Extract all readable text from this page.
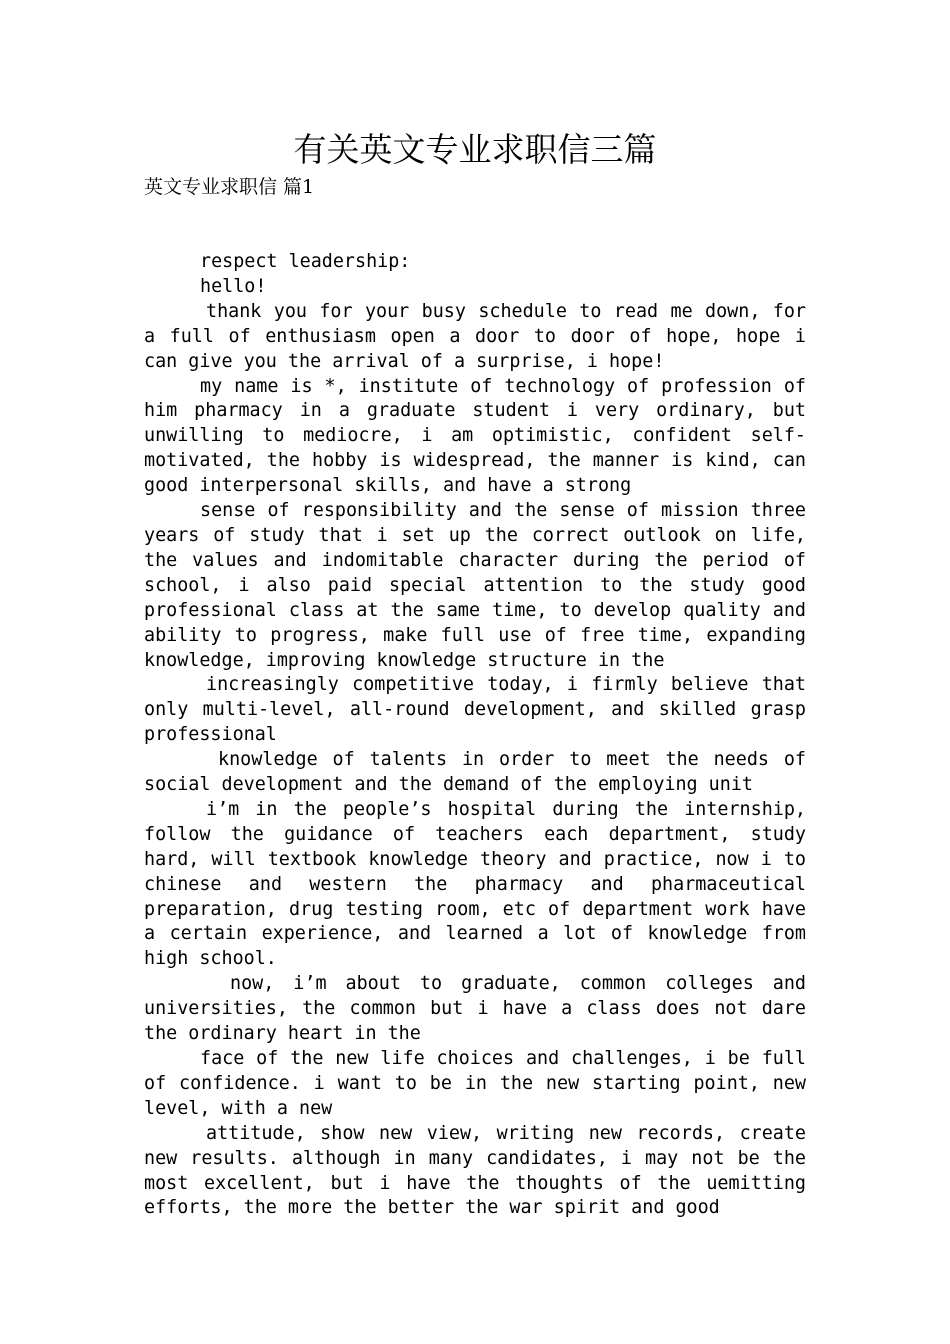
有关英文专业求职信三篇
英文专业求职信 篇1

respect leadership:

hello!

thank you for your busy schedule to read me down, for a full of enthusiasm open a door to door of hope, hope i can give you the arrival of a surprise, i hope!

my name is *, institute of technology of profession of him pharmacy in a graduate student i very ordinary, but unwilling to mediocre, i am optimistic, confident self-motivated, the hobby is widespread, the manner is kind, can good interpersonal skills, and have a strong

sense of responsibility and the sense of mission three years of study that i set up the correct outlook on life, the values and indomitable character during the period of school, i also paid special attention to the study good professional class at the same time, to develop quality and ability to progress, make full use of free time, expanding knowledge, improving knowledge structure in the

increasingly competitive today, i firmly believe that only multi-level, all-round development, and skilled grasp professional

knowledge of talents in order to meet the needs of social development and the demand of the employing unit

i’m in the people’s hospital during the internship, follow the guidance of teachers each department, study hard, will textbook knowledge theory and practice, now i to chinese and western the pharmacy and pharmaceutical preparation, drug testing room, etc of department work have a certain experience, and learned a lot of knowledge from high school.

now, i’m about to graduate, common colleges and universities, the common but i have a class does not dare the ordinary heart in the

face of the new life choices and challenges, i be full of confidence. i want to be in the new starting point, new level, with a new

attitude, show new view, writing new records, create new results. although in many candidates, i may not be the most excellent, but i have the thoughts of the uemitting efforts, the more the better the war spirit and good
